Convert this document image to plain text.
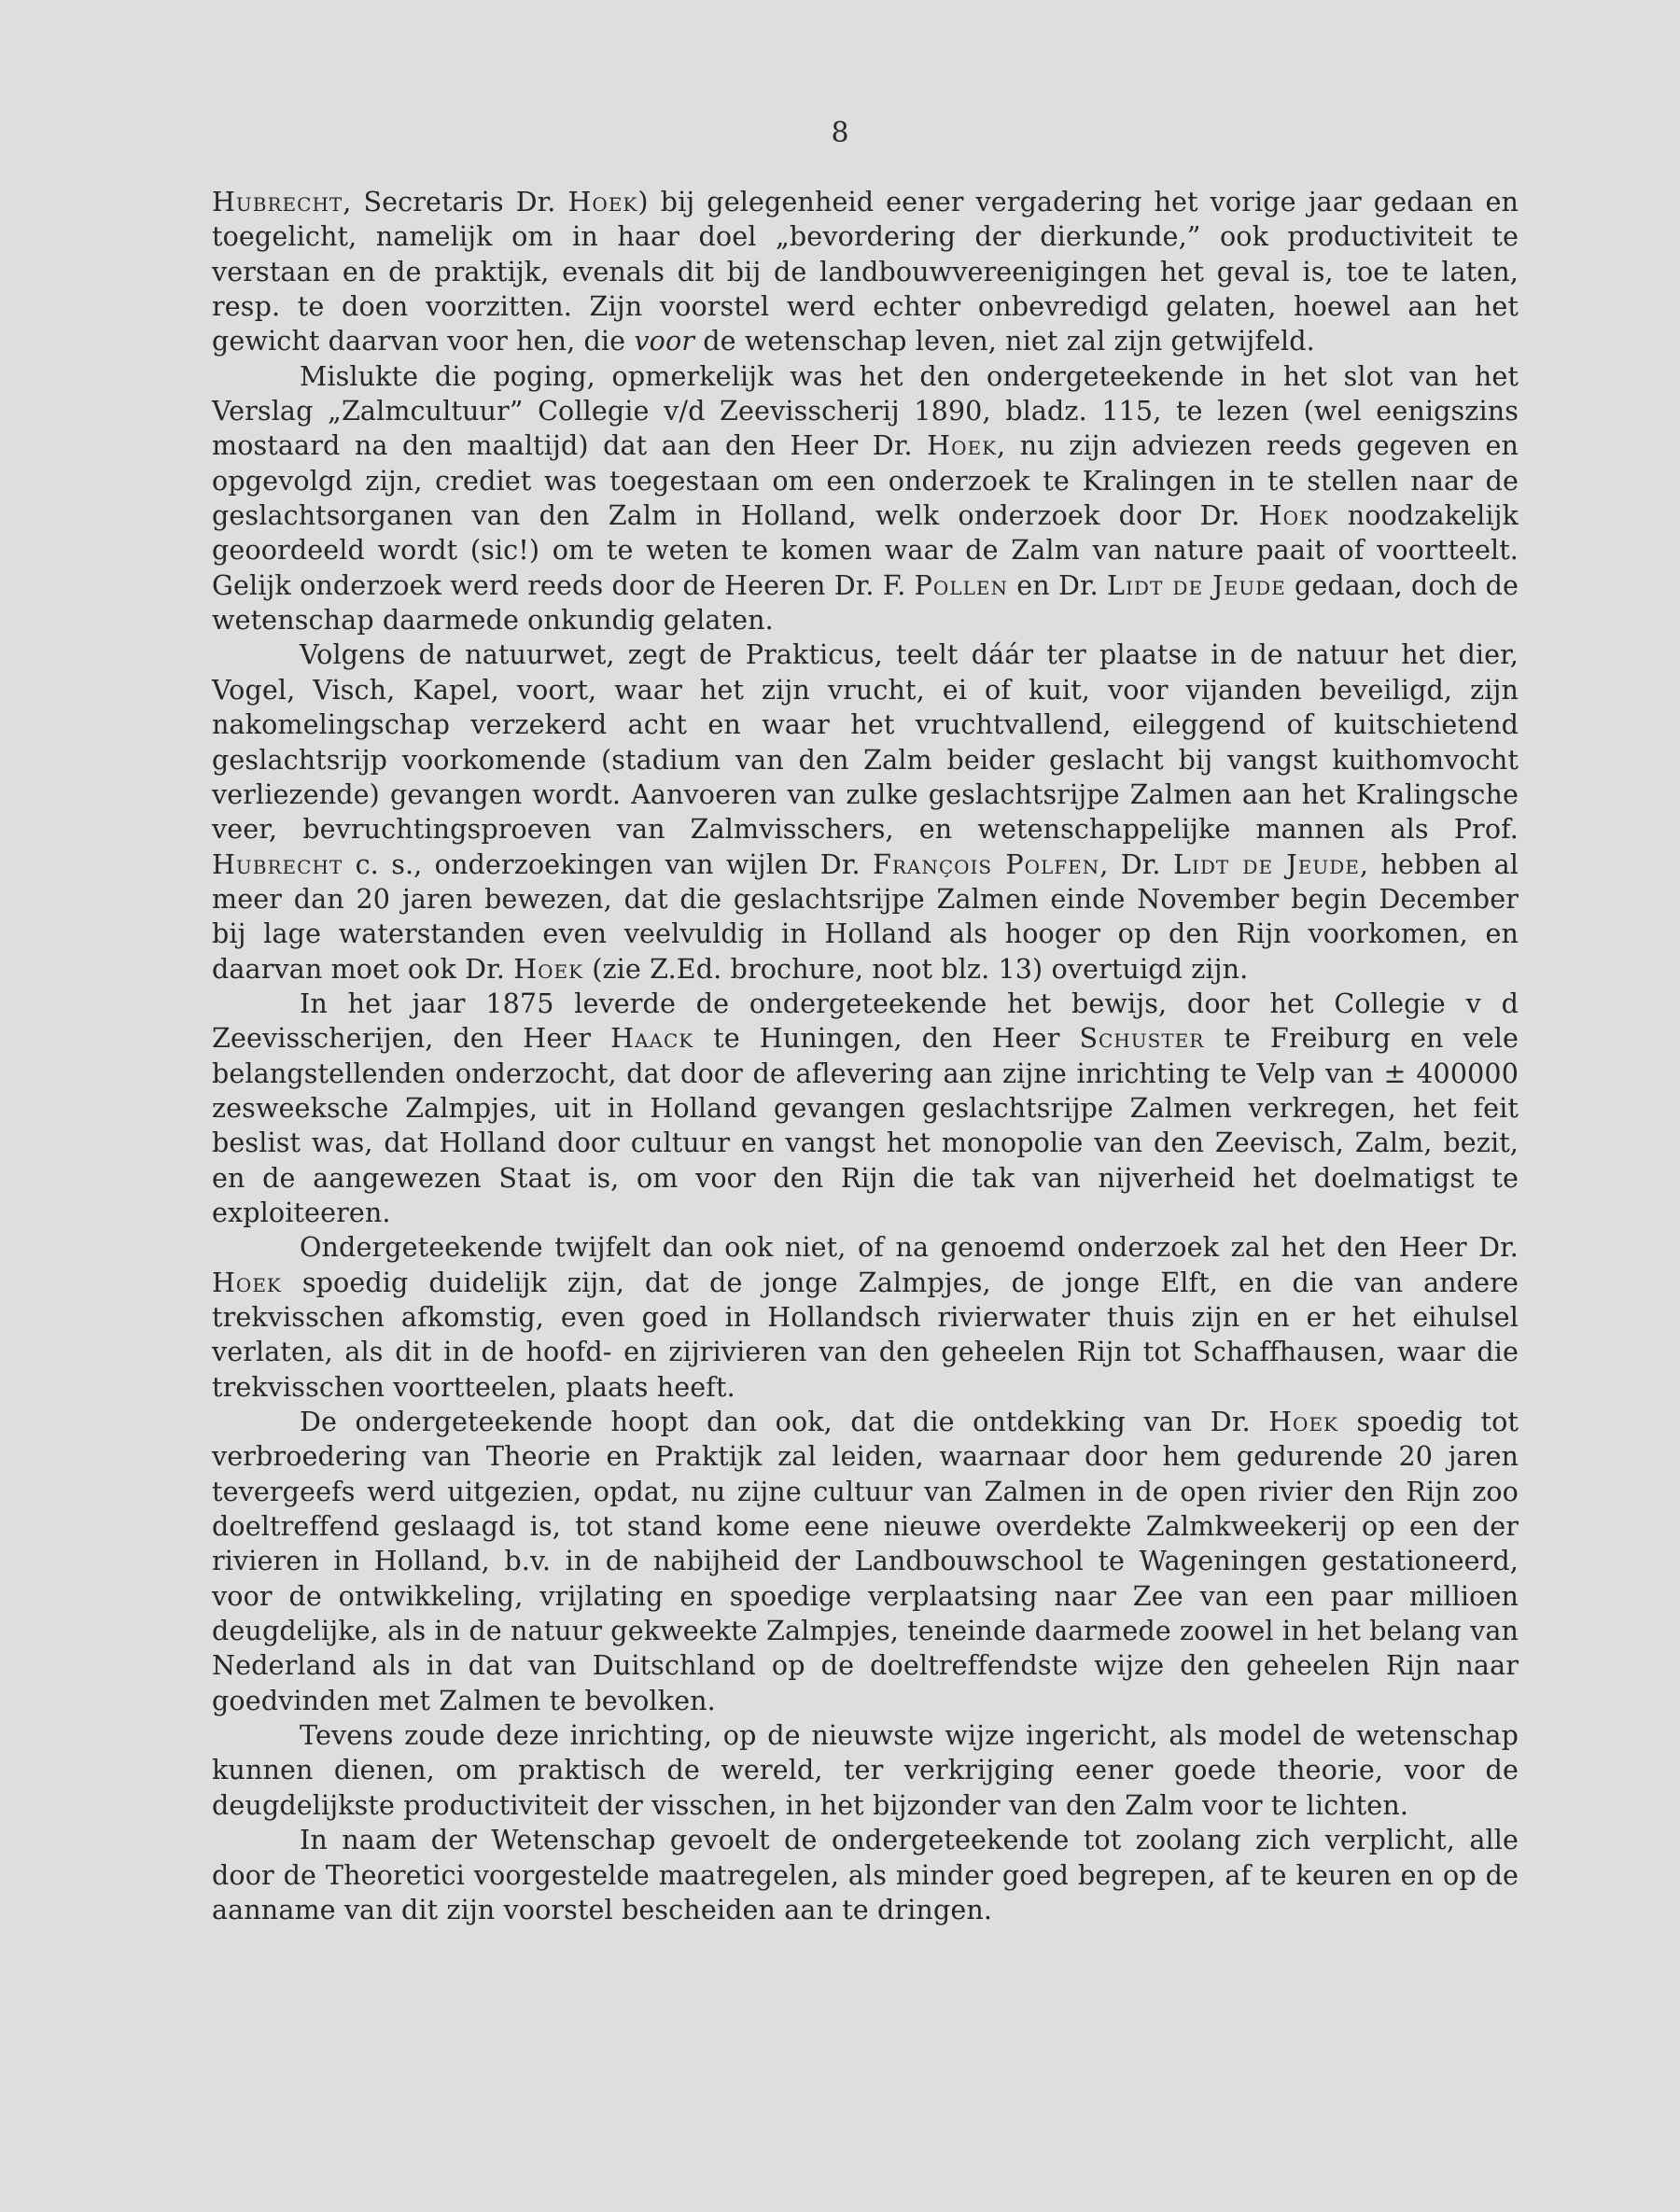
8

Hubrecht, Secretaris Dr. Hoek) bij gelegenheid eener vergadering het vorige jaar gedaan en toegelicht, namelijk om in haar doel „bevordering der dierkunde,” ook productiviteit te verstaan en de praktijk, evenals dit bij de landbouwvereenigingen het geval is, toe te laten, resp. te doen voorzitten. Zijn voorstel werd echter onbevredigd gelaten, hoewel aan het gewicht daarvan voor hen, die voor de wetenschap leven, niet zal zijn getwijfeld.

Mislukte die poging, opmerkelijk was het den ondergeteekende in het slot van het Verslag „Zalmcultuur” Collegie v/d Zeevisscherij 1890, bladz. 115, te lezen (wel eenigszins mostaard na den maaltijd) dat aan den Heer Dr. Hoek, nu zijn adviezen reeds gegeven en opgevolgd zijn, crediet was toegestaan om een onderzoek te Kralingen in te stellen naar de geslachtsorganen van den Zalm in Holland, welk onderzoek door Dr. Hoek noodzakelijk geoordeeld wordt (sic!) om te weten te komen waar de Zalm van nature paait of voortteelt. Gelijk onderzoek werd reeds door de Heeren Dr. F. Pollen en Dr. Lidt de Jeude gedaan, doch de wetenschap daarmede onkundig gelaten.

Volgens de natuurwet, zegt de Prakticus, teelt dáár ter plaatse in de natuur het dier, Vogel, Visch, Kapel, voort, waar het zijn vrucht, ei of kuit, voor vijanden beveiligd, zijn nakomelingschap verzekerd acht en waar het vruchtvallend, eileggend of kuitschietend geslachtsrijp voorkomende (stadium van den Zalm beider geslacht bij vangst kuithomvocht verliezende) gevangen wordt. Aanvoeren van zulke geslachtsrijpe Zalmen aan het Kralingsche veer, bevruchtingsproeven van Zalmvisschers, en wetenschappelijke mannen als Prof. Hubrecht c. s., onderzoekingen van wijlen Dr. François Polfen, Dr. Lidt de Jeude, hebben al meer dan 20 jaren bewezen, dat die geslachtsrijpe Zalmen einde November begin December bij lage waterstanden even veelvuldig in Holland als hooger op den Rijn voorkomen, en daarvan moet ook Dr. Hoek (zie Z.Ed. brochure, noot blz. 13) overtuigd zijn.

In het jaar 1875 leverde de ondergeteekende het bewijs, door het Collegie v d Zeevisscherijen, den Heer Haack te Huningen, den Heer Schuster te Freiburg en vele belangstellenden onderzocht, dat door de aflevering aan zijne inrichting te Velp van ± 400000 zesweeksche Zalmpjes, uit in Holland gevangen geslachtsrijpe Zalmen verkregen, het feit beslist was, dat Holland door cultuur en vangst het monopolie van den Zeevisch, Zalm, bezit, en de aangewezen Staat is, om voor den Rijn die tak van nijverheid het doelmatigst te exploiteeren.

Ondergeteekende twijfelt dan ook niet, of na genoemd onderzoek zal het den Heer Dr. Hoek spoedig duidelijk zijn, dat de jonge Zalmpjes, de jonge Elft, en die van andere trekvisschen afkomstig, even goed in Hollandsch rivierwater thuis zijn en er het eihulsel verlaten, als dit in de hoofd- en zijrivieren van den geheelen Rijn tot Schaffhausen, waar die trekvisschen voortteelen, plaats heeft.

De ondergeteekende hoopt dan ook, dat die ontdekking van Dr. Hoek spoedig tot verbroedering van Theorie en Praktijk zal leiden, waarnaar door hem gedurende 20 jaren tevergeefs werd uitgezien, opdat, nu zijne cultuur van Zalmen in de open rivier den Rijn zoo doeltreffend geslaagd is, tot stand kome eene nieuwe overdekte Zalmkweekerij op een der rivieren in Holland, b.v. in de nabijheid der Landbouwschool te Wageningen gestationeerd, voor de ontwikkeling, vrijlating en spoedige verplaatsing naar Zee van een paar millioen deugdelijke, als in de natuur gekweekte Zalmpjes, teneinde daarmede zoowel in het belang van Nederland als in dat van Duitschland op de doeltreffendste wijze den geheelen Rijn naar goedvinden met Zalmen te bevolken.

Tevens zoude deze inrichting, op de nieuwste wijze ingericht, als model de wetenschap kunnen dienen, om praktisch de wereld, ter verkrijging eener goede theorie, voor de deugdelijkste productiviteit der visschen, in het bijzonder van den Zalm voor te lichten.

In naam der Wetenschap gevoelt de ondergeteekende tot zoolang zich verplicht, alle door de Theoretici voorgestelde maatregelen, als minder goed begrepen, af te keuren en op de aanname van dit zijn voorstel bescheiden aan te dringen.
